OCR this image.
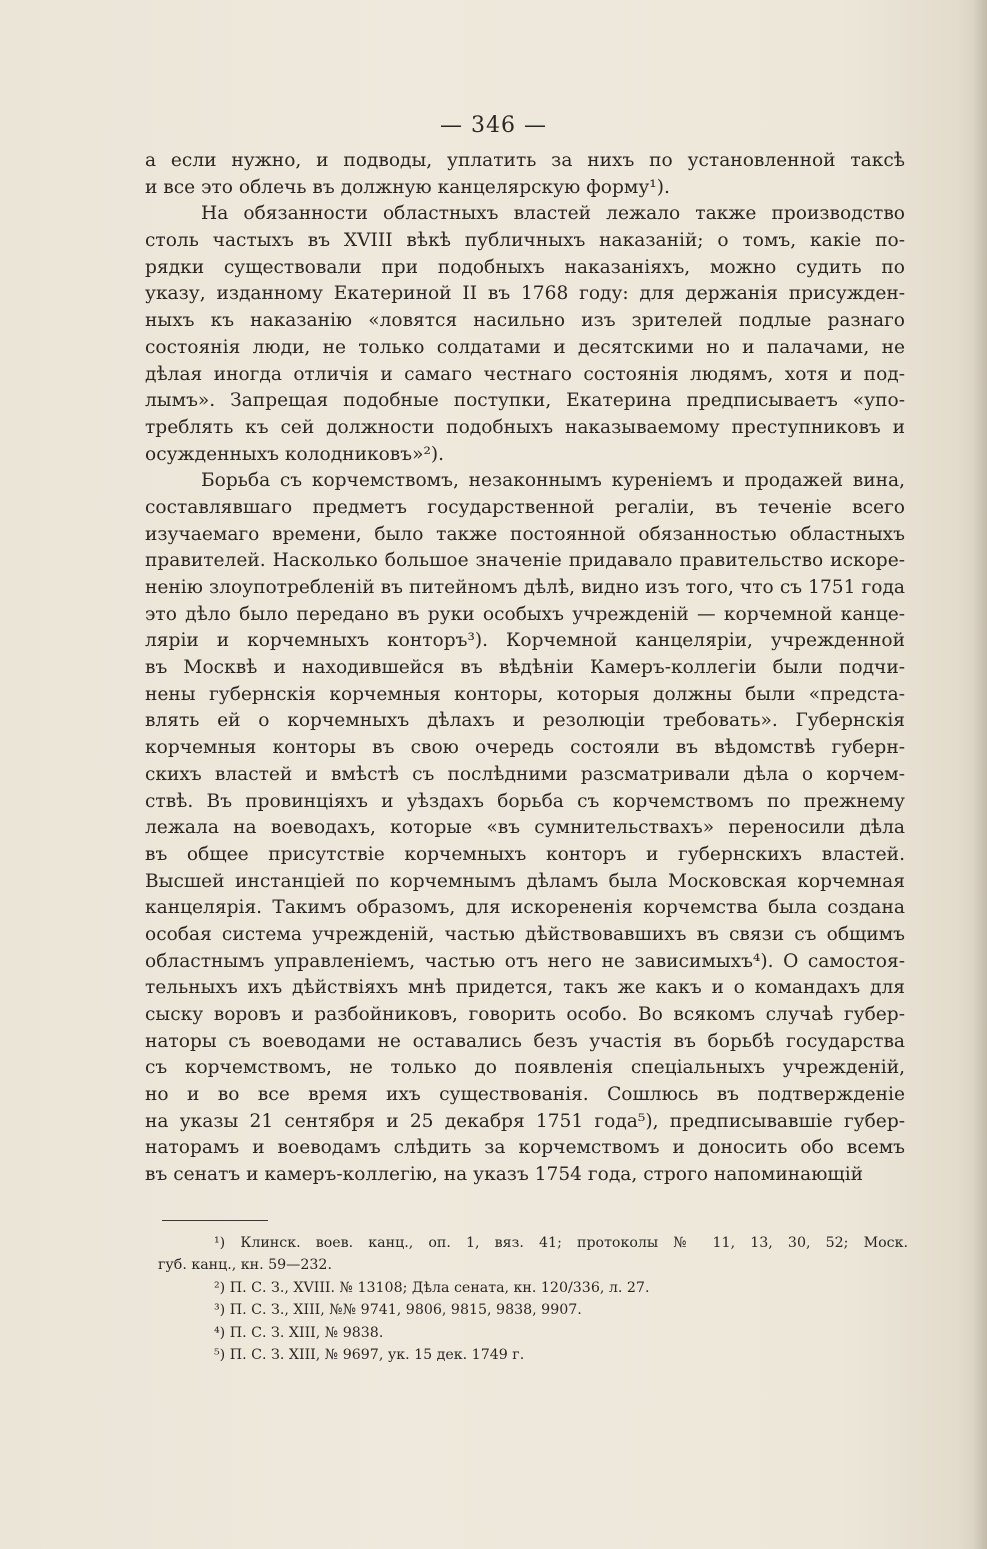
— 346 —
а если нужно, и подводы, уплатить за нихъ по установленной таксѣ
и все это облечь въ должную канцелярскую форму¹).
На обязанности областныхъ властей лежало также производство
столь частыхъ въ XVIII вѣкѣ публичныхъ наказаній; о томъ, какіе по-
рядки существовали при подобныхъ наказаніяхъ, можно судить по
указу, изданному Екатериной II въ 1768 году: для держанія присужден-
ныхъ къ наказанію «ловятся насильно изъ зрителей подлые разнаго
состоянія люди, не только солдатами и десятскими но и палачами, не
дѣлая иногда отличія и самаго честнаго состоянія людямъ, хотя и под-
лымъ». Запрещая подобные поступки, Екатерина предписываетъ «упо-
треблять къ сей должности подобныхъ наказываемому преступниковъ и
осужденныхъ колодниковъ»²).
Борьба съ корчемствомъ, незаконнымъ куреніемъ и продажей вина,
составлявшаго предметъ государственной регаліи, въ теченіе всего
изучаемаго времени, было также постоянной обязанностью областныхъ
правителей. Насколько большое значеніе придавало правительство искоре-
ненію злоупотребленій въ питейномъ дѣлѣ, видно изъ того, что съ 1751 года
это дѣло было передано въ руки особыхъ учрежденій — корчемной канце-
ляріи и корчемныхъ конторъ³). Корчемной канцеляріи, учрежденной
въ Москвѣ и находившейся въ вѣдѣніи Камеръ-коллегіи были подчи-
нены губернскія корчемныя конторы, которыя должны были «предста-
влять ей о корчемныхъ дѣлахъ и резолюціи требовать». Губернскія
корчемныя конторы въ свою очередь состояли въ вѣдомствѣ губерн-
скихъ властей и вмѣстѣ съ послѣдними разсматривали дѣла о корчем-
ствѣ. Въ провинціяхъ и уѣздахъ борьба съ корчемствомъ по прежнему
лежала на воеводахъ, которые «въ сумнительствахъ» переносили дѣла
въ общее присутствіе корчемныхъ конторъ и губернскихъ властей.
Высшей инстанціей по корчемнымъ дѣламъ была Московская корчемная
канцелярія. Такимъ образомъ, для искорененія корчемства была создана
особая система учрежденій, частью дѣйствовавшихъ въ связи съ общимъ
областнымъ управленіемъ, частью отъ него не зависимыхъ⁴). О самостоя-
тельныхъ ихъ дѣйствіяхъ мнѣ придется, такъ же какъ и о командахъ для
сыску воровъ и разбойниковъ, говорить особо. Во всякомъ случаѣ губер-
наторы съ воеводами не оставались безъ участія въ борьбѣ государства
съ корчемствомъ, не только до появленія спеціальныхъ учрежденій,
но и во все время ихъ существованія. Сошлюсь въ подтвержденіе
на указы 21 сентября и 25 декабря 1751 года⁵), предписывавшіе губер-
наторамъ и воеводамъ слѣдить за корчемствомъ и доносить обо всемъ
въ сенатъ и камеръ-коллегію, на указъ 1754 года, строго напоминающій
¹) Клинск. воев. канц., оп. 1, вяз. 41; протоколы № 11, 13, 30, 52; Моск.
губ. канц., кн. 59—232.
²) П. С. З., XVIII. № 13108; Дѣла сената, кн. 120/336, л. 27.
³) П. С. З., XIII, №№ 9741, 9806, 9815, 9838, 9907.
⁴) П. С. З. XIII, № 9838.
⁵) П. С. З. XIII, № 9697, ук. 15 дек. 1749 г.
